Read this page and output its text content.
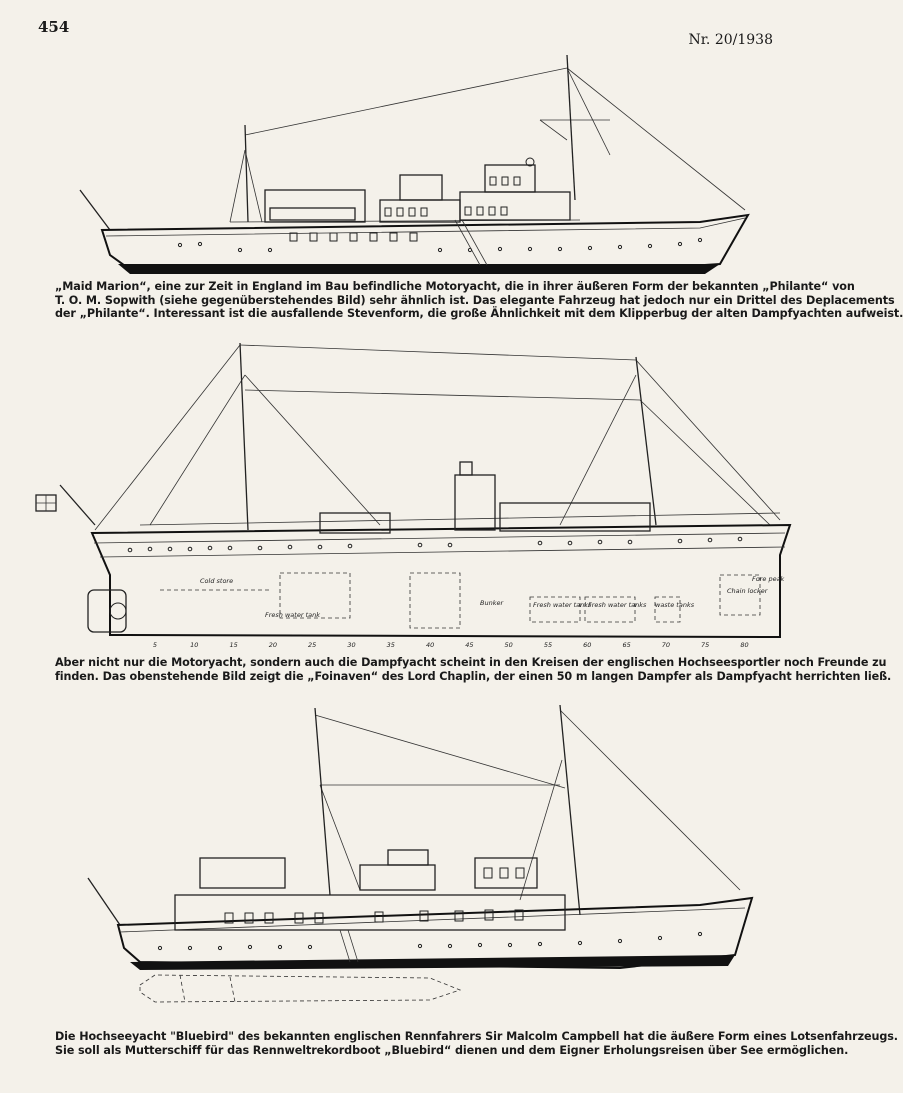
454
Nr. 20/1938
„Maid Marion“, eine zur Zeit in England im Bau befindliche Motoryacht, die in ihrer äußeren Form der bekannten „Philante“ von
T. O. M. Sopwith (siehe gegenüberstehendes Bild) sehr ähnlich ist. Das elegante Fahrzeug hat jedoch nur ein Drittel des Deplacements
der „Philante“. Interessant ist die ausfallende Stevenform, die große Ähnlichkeit mit dem Klipperbug der alten Dampfyachten aufweist.
Cold store
Fresh water tank
Bunker	Fresh water tanks
Fresh water tanks waste tanks
Chain locker
Fore peak
5	10	15	20	25	30	35	40	45	50	55	60	65	70	75	80
Aber nicht nur die Motoryacht, sondern auch die Dampfyacht scheint in den Kreisen der englischen Hochseesportler noch Freunde zu
finden. Das obenstehende Bild zeigt die „Foinaven“ des Lord Chaplin, der einen 50 m langen Dampfer als Dampfyacht herrichten ließ.
Die Hochseeyacht "Bluebird" des bekannten englischen Rennfahrers Sir Malcolm Campbell hat die äußere Form eines Lotsenfahrzeugs.
Sie soll als Mutterschiff für das Rennweltrekordboot „Bluebird“ dienen und dem Eigner Erholungsreisen über See ermöglichen.
